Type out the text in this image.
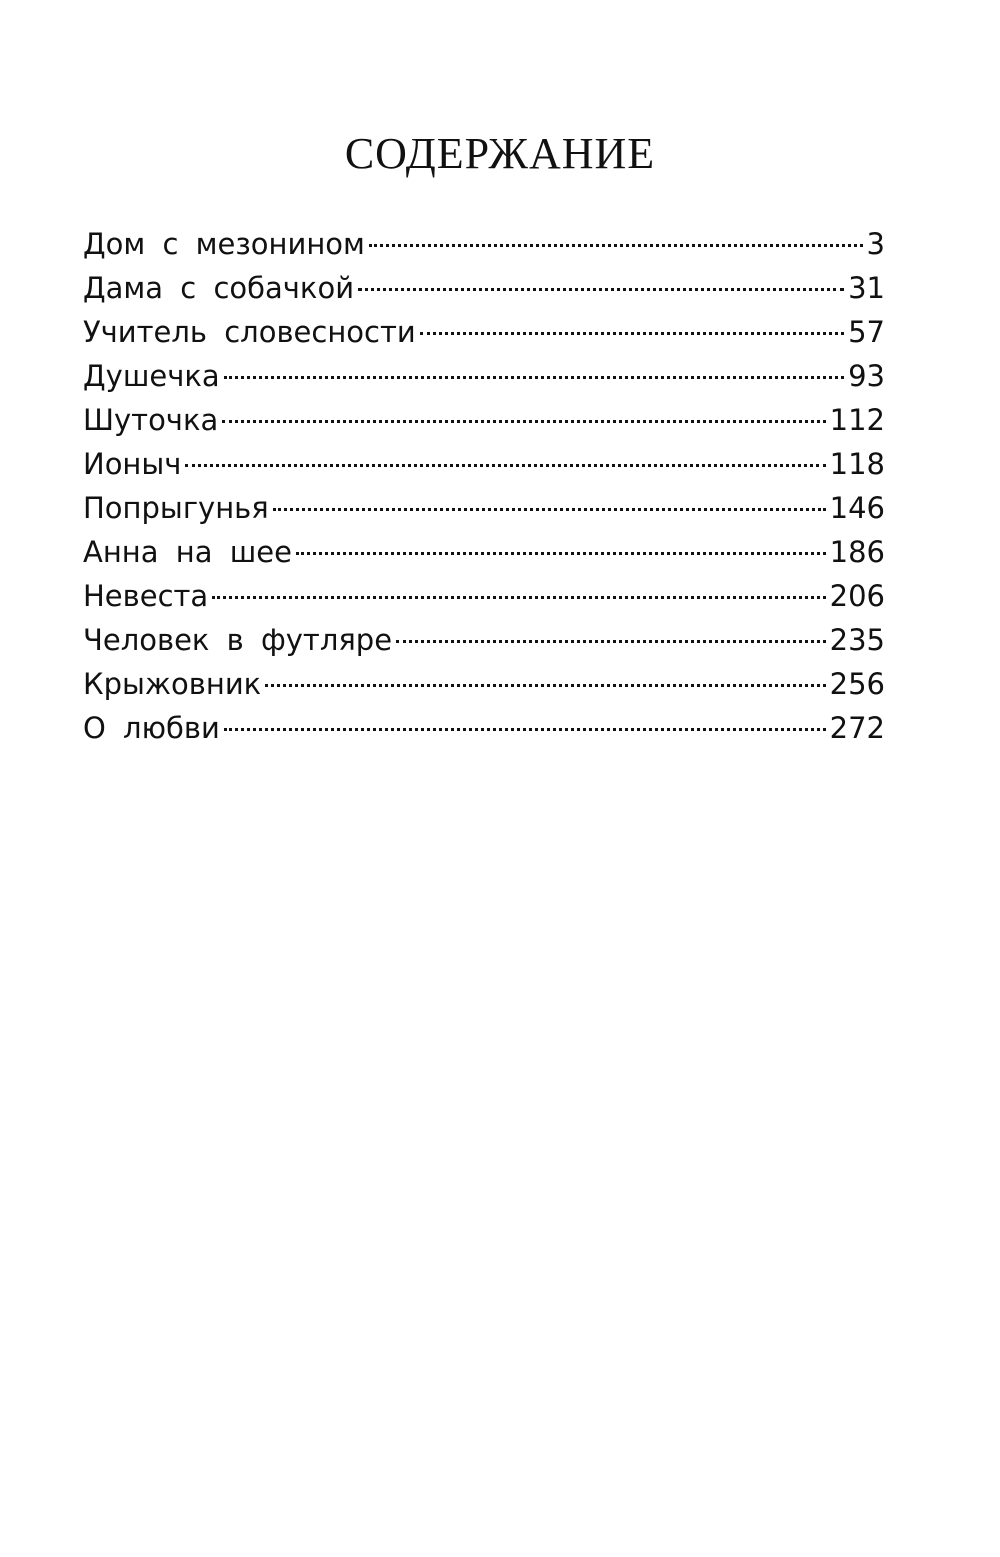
СОДЕРЖАНИЕ
Дом с мезонином	3
Дама с собачкой	31
Учитель словесности	57
Душечка	93
Шуточка	112
Ионыч	118
Попрыгунья	146
Анна на шее	186
Невеста	206
Человек в футляре	235
Крыжовник	256
О любви	272
